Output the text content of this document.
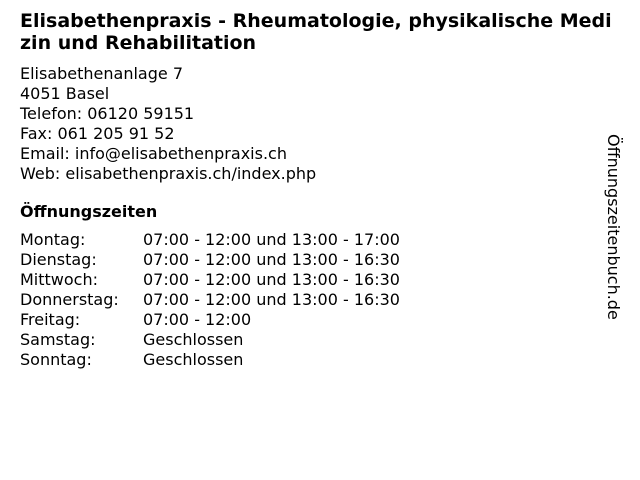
Elisabethenpraxis - Rheumatologie, physikalische Medizin und Rehabilitation
Elisabethenanlage 7
4051 Basel
Telefon: 06120 59151
Fax: 061 205 91 52
Email: info@elisabethenpraxis.ch
Web: elisabethenpraxis.ch/index.php
Öffnungszeiten
Montag:	07:00 - 12:00 und 13:00 - 17:00
Dienstag:	07:00 - 12:00 und 13:00 - 16:30
Mittwoch:	07:00 - 12:00 und 13:00 - 16:30
Donnerstag:	07:00 - 12:00 und 13:00 - 16:30
Freitag:	07:00 - 12:00
Samstag:	Geschlossen
Sonntag:	Geschlossen
Öffnungszeitenbuch.de
